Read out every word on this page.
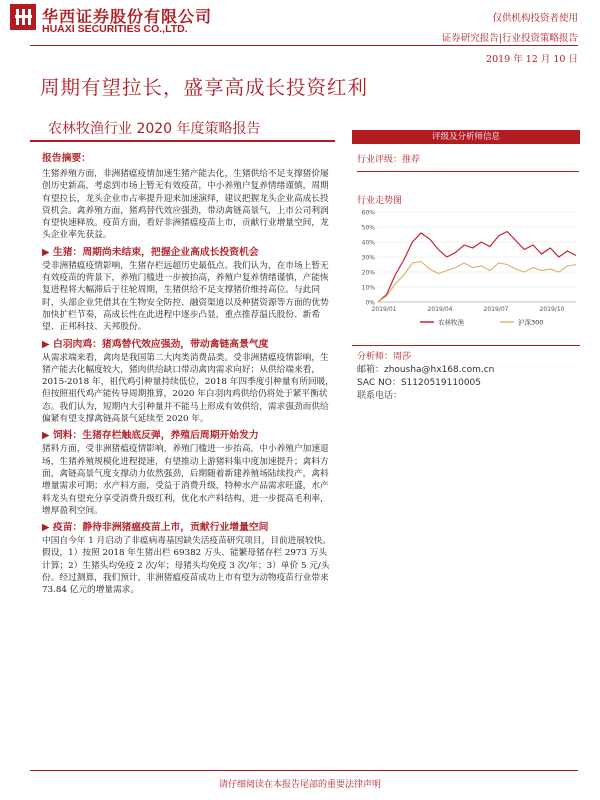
华西证券股份有限公司
HUAXI SECURITIES CO.,LTD.
仅供机构投资者使用
证券研究报告|行业投资策略报告
2019 年 12 月 10 日
周期有望拉长，盛享高成长投资红利
农林牧渔行业 2020 年度策略报告
报告摘要：

生猪养殖方面，非洲猪瘟疫情加速生猪产能去化，生猪供给不足支撑猪价屡创历史新高，考虑到市场上暂无有效疫苗，中小养殖户复养情绪谨慎，周期有望拉长，龙头企业市占率提升迎来加速演绎，建议把握龙头企业高成长投资机会。禽养殖方面，猪鸡替代效应强劲，带动禽链高景气，上市公司利润有望快速释放。疫苗方面，看好非洲猪瘟疫苗上市，贡献行业增量空间，龙头企业率先获益。

▶ 生猪：周期尚未结束，把握企业高成长投资机会

受非洲猪瘟疫情影响，生猪存栏远超历史最低点。我们认为，在市场上暂无有效疫苗的背景下，养殖门槛进一步被抬高，养殖户复养情绪谨慎，产能恢复进程将大幅滞后于往轮周期，生猪供给不足支撑猪价维持高位。与此同时，头部企业凭借其在生物安全防控、融资渠道以及种猪资源等方面的优势加快扩栏节奏，高成长性在此进程中逐步凸显，重点推荐温氏股份、新希望、正邦科技、天邦股份。

▶ 白羽肉鸡：猪鸡替代效应强劲，带动禽链高景气度

从需求端来看，禽肉是我国第二大肉类消费品类。受非洲猪瘟疫情影响，生猪产能去化幅度较大，猪肉供给缺口带动禽肉需求向好；从供给端来看，2015-2018 年，祖代鸡引种量持续低位，2018 年四季度引种量有所回暖，但按照祖代鸡产能传导周期推算，2020 年白羽肉鸡供给仍将处于紧平衡状态。我们认为，短期内大引种量并不能马上形成有效供给，需求强劲而供给偏紧有望支撑禽链高景气延续至 2020 年。

▶ 饲料：生猪存栏触底反弹，养殖后周期开始发力

猪料方面，受非洲猪瘟疫情影响，养殖门槛进一步抬高，中小养殖户加速退场，生猪养殖规模化进程提速，有望推动上游猪料集中度加速提升；禽料方面，禽链高景气度支撑动力依然强劲，后期随着新建养殖场陆续投产，禽料增量需求可期；水产料方面，受益于消费升级，特种水产品需求旺盛，水产料龙头有望充分享受消费升级红利，优化水产料结构，进一步提高毛利率，增厚盈利空间。

▶ 疫苗：静待非洲猪瘟疫苗上市，贡献行业增量空间

中国自今年 1 月启动了非瘟病毒基因缺失活疫苗研究项目，目前进展较快。假设，1）按照 2018 年生猪出栏 69382 万头、能繁母猪存栏 2973 万头计算；2）生猪头均免疫 2 次/年；母猪头均免疫 3 次/年；3）单价 5 元/头份。经过测算，我们预计，非洲猪瘟疫苗成功上市有望为动物疫苗行业带来 73.84 亿元的增量需求。

评级及分析师信息
行业评级：推荐
行业走势图
0%
10%
20%
30%
40%
50%
60%
2019/01	2019/04	2019/07	2019/10
农林牧渔	沪深300
分析师：周莎
邮箱：zhousha@hx168.com.cn
SAC NO：S1120519110005
联系电话：
请仔细阅读在本报告尾部的重要法律声明
